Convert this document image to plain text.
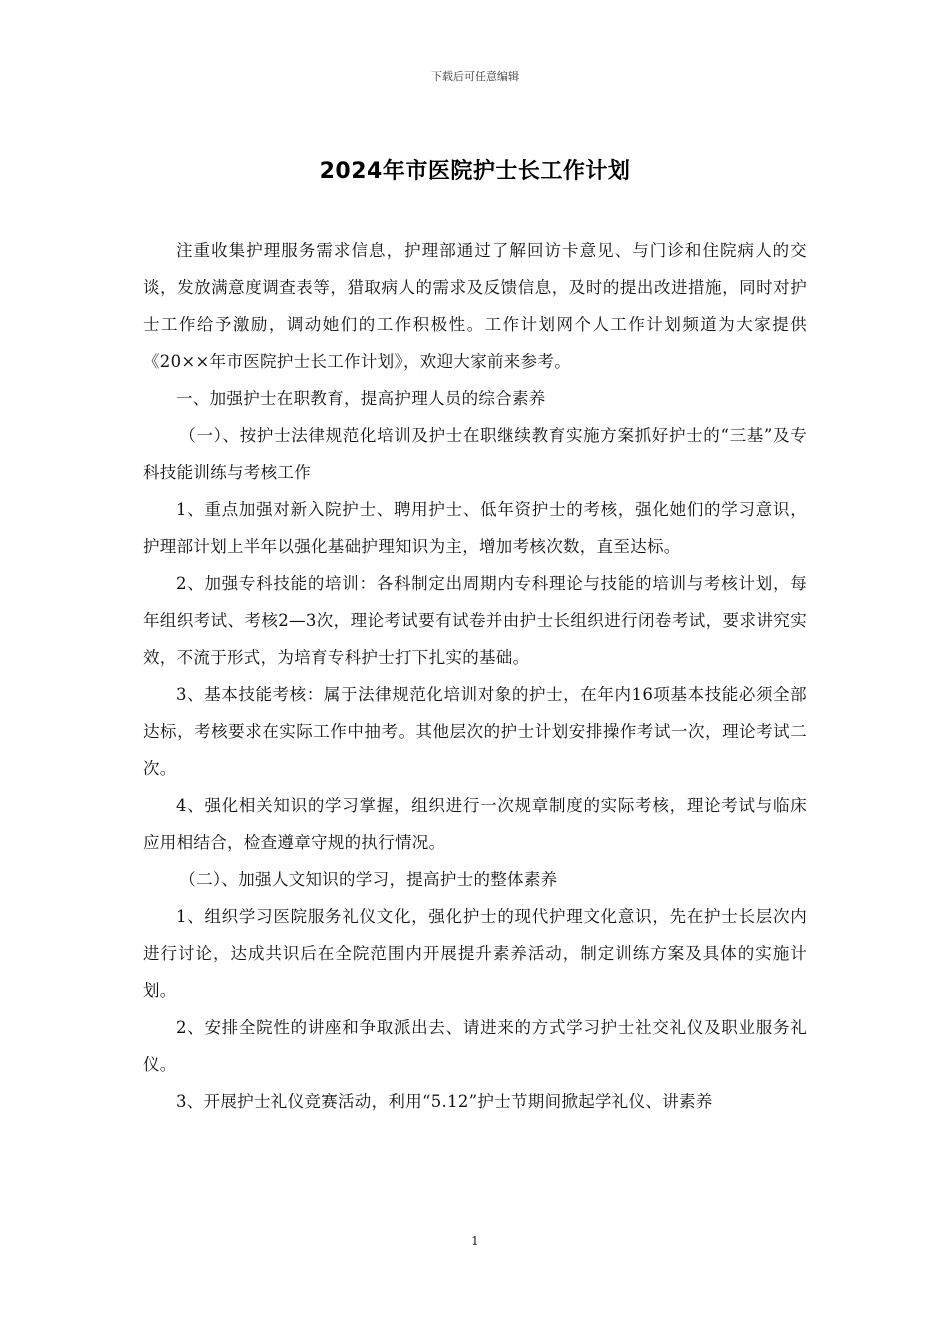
下载后可任意编辑
2024年市医院护士长工作计划

注重收集护理服务需求信息，护理部通过了解回访卡意见、与门诊和住院病人的交谈，发放满意度调查表等，猎取病人的需求及反馈信息，及时的提出改进措施，同时对护士工作给予激励，调动她们的工作积极性。工作计划网个人工作计划频道为大家提供《20××年市医院护士长工作计划》，欢迎大家前来参考。

一、加强护士在职教育，提高护理人员的综合素养

（一）、按护士法律规范化培训及护士在职继续教育实施方案抓好护士的“三基”及专科技能训练与考核工作

1、重点加强对新入院护士、聘用护士、低年资护士的考核，强化她们的学习意识，护理部计划上半年以强化基础护理知识为主，增加考核次数，直至达标。

2、加强专科技能的培训：各科制定出周期内专科理论与技能的培训与考核计划，每年组织考试、考核2—3次，理论考试要有试卷并由护士长组织进行闭卷考试，要求讲究实效，不流于形式，为培育专科护士打下扎实的基础。

3、基本技能考核：属于法律规范化培训对象的护士，在年内16项基本技能必须全部达标，考核要求在实际工作中抽考。其他层次的护士计划安排操作考试一次，理论考试二次。

4、强化相关知识的学习掌握，组织进行一次规章制度的实际考核，理论考试与临床应用相结合，检查遵章守规的执行情况。

（二）、加强人文知识的学习，提高护士的整体素养

1、组织学习医院服务礼仪文化，强化护士的现代护理文化意识，先在护士长层次内进行讨论，达成共识后在全院范围内开展提升素养活动，制定训练方案及具体的实施计划。

2、安排全院性的讲座和争取派出去、请进来的方式学习护士社交礼仪及职业服务礼仪。

3、开展护士礼仪竞赛活动，利用“5.12”护士节期间掀起学礼仪、讲素养

1
